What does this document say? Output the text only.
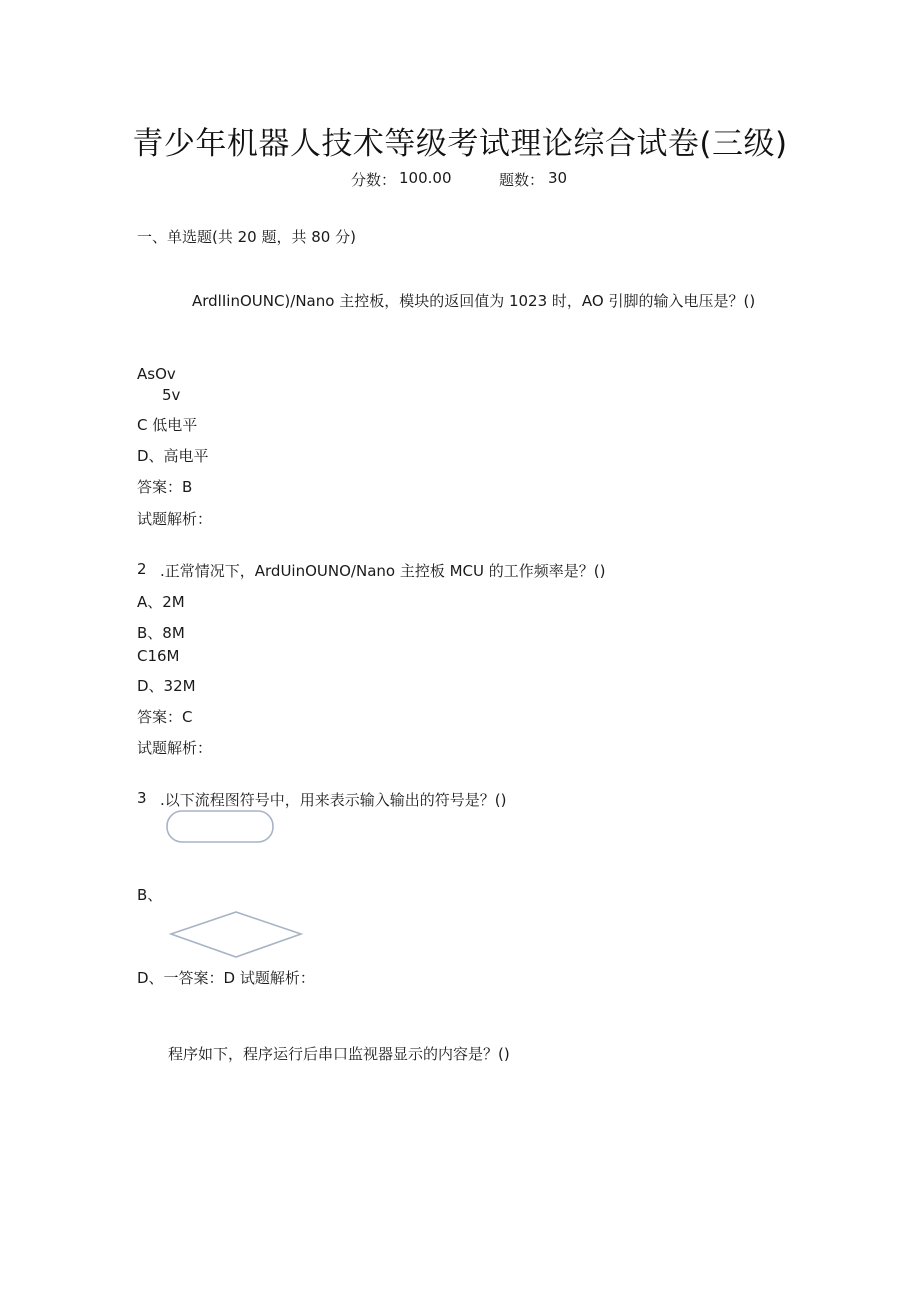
青少年机器人技术等级考试理论综合试卷(三级)
分数： 100.00	题数： 30
一、单选题(共 20 题，共 80 分)
ArdlIinOUNC)/Nano 主控板，模块的返回值为 1023 时，AO 引脚的输入电压是？()
AsOv
5v
C 低电平
D、高电平
答案：B
试题解析：
2 .正常情况下，ArdUinOUNO/Nano 主控板 MCU 的工作频率是？()
A、2M
B、8M
C16M
D、32M
答案：C
试题解析：
3 .以下流程图符号中，用来表示输入输出的符号是？()
B、
D、一答案：D 试题解析：
程序如下，程序运行后串口监视器显示的内容是？()
